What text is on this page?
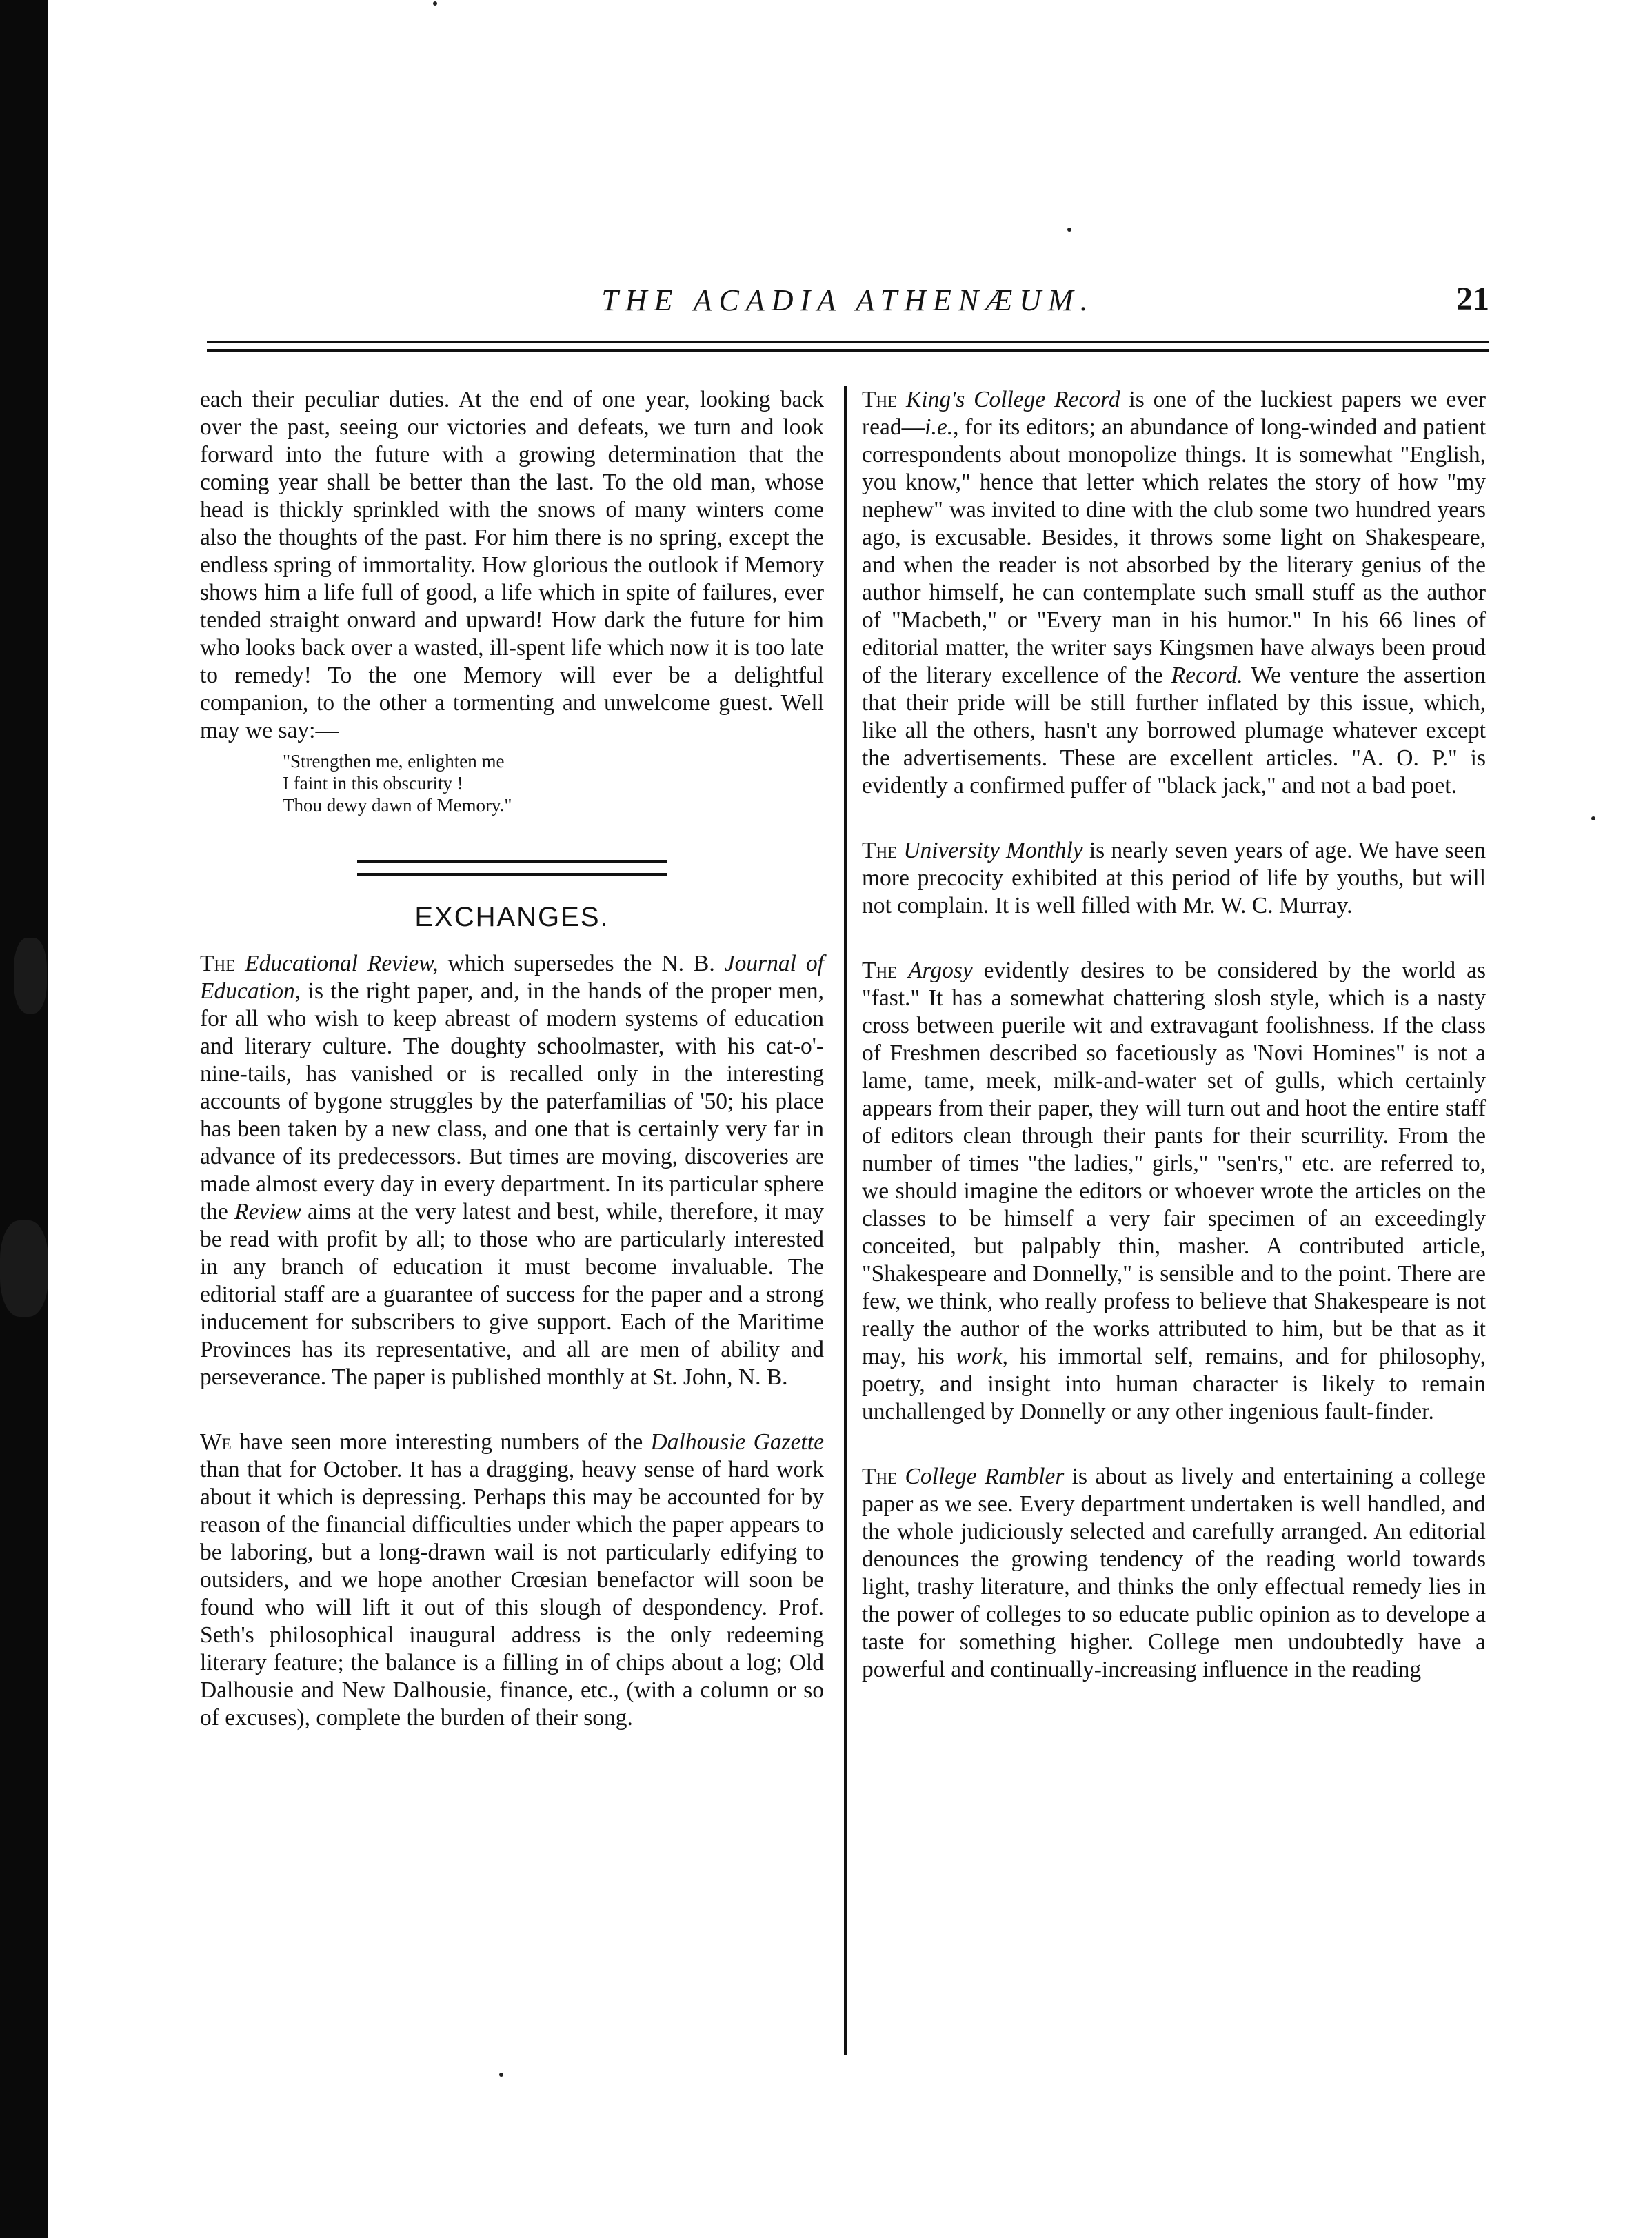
THE ACADIA ATHENÆUM.	21

each their peculiar duties. At the end of one year, looking back over the past, seeing our victories and defeats, we turn and look forward into the future with a growing determination that the coming year shall be better than the last. To the old man, whose head is thickly sprinkled with the snows of many winters come also the thoughts of the past. For him there is no spring, except the endless spring of immortality. How glorious the outlook if Memory shows him a life full of good, a life which in spite of failures, ever tended straight onward and upward! How dark the future for him who looks back over a wasted, ill-spent life which now it is too late to remedy! To the one Memory will ever be a delightful companion, to the other a tormenting and unwelcome guest. Well may we say:—

"Strengthen me, enlighten me
I faint in this obscurity !
Thou dewy dawn of Memory."
EXCHANGES.

The Educational Review, which supersedes the N. B. Journal of Education, is the right paper, and, in the hands of the proper men, for all who wish to keep abreast of modern systems of education and literary culture. The doughty schoolmaster, with his cat-o'-nine-tails, has vanished or is recalled only in the interesting accounts of bygone struggles by the paterfamilias of '50; his place has been taken by a new class, and one that is certainly very far in advance of its predecessors. But times are moving, discoveries are made almost every day in every department. In its particular sphere the Review aims at the very latest and best, while, therefore, it may be read with profit by all; to those who are particularly interested in any branch of education it must become invaluable. The editorial staff are a guarantee of success for the paper and a strong inducement for subscribers to give support. Each of the Maritime Provinces has its representative, and all are men of ability and perseverance. The paper is published monthly at St. John, N. B.

We have seen more interesting numbers of the Dalhousie Gazette than that for October. It has a dragging, heavy sense of hard work about it which is depressing. Perhaps this may be accounted for by reason of the financial difficulties under which the paper appears to be laboring, but a long-drawn wail is not particularly edifying to outsiders, and we hope another Crœsian benefactor will soon be found who will lift it out of this slough of despondency. Prof. Seth's philosophical inaugural address is the only redeeming literary feature; the balance is a filling in of chips about a log; Old Dalhousie and New Dalhousie, finance, etc., (with a column or so of excuses), complete the burden of their song.

The King's College Record is one of the luckiest papers we ever read—i.e., for its editors; an abundance of long-winded and patient correspondents about monopolize things. It is somewhat "English, you know," hence that letter which relates the story of how "my nephew" was invited to dine with the club some two hundred years ago, is excusable. Besides, it throws some light on Shakespeare, and when the reader is not absorbed by the literary genius of the author himself, he can contemplate such small stuff as the author of "Macbeth," or "Every man in his humor." In his 66 lines of editorial matter, the writer says Kingsmen have always been proud of the literary excellence of the Record. We venture the assertion that their pride will be still further inflated by this issue, which, like all the others, hasn't any borrowed plumage whatever except the advertisements. These are excellent articles. "A. O. P." is evidently a confirmed puffer of "black jack," and not a bad poet.

The University Monthly is nearly seven years of age. We have seen more precocity exhibited at this period of life by youths, but will not complain. It is well filled with Mr. W. C. Murray.

The Argosy evidently desires to be considered by the world as "fast." It has a somewhat chattering slosh style, which is a nasty cross between puerile wit and extravagant foolishness. If the class of Freshmen described so facetiously as 'Novi Homines" is not a lame, tame, meek, milk-and-water set of gulls, which certainly appears from their paper, they will turn out and hoot the entire staff of editors clean through their pants for their scurrility. From the number of times "the ladies," girls," "sen'rs," etc. are referred to, we should imagine the editors or whoever wrote the articles on the classes to be himself a very fair specimen of an exceedingly conceited, but palpably thin, masher. A contributed article, "Shakespeare and Donnelly," is sensible and to the point. There are few, we think, who really profess to believe that Shakespeare is not really the author of the works attributed to him, but be that as it may, his work, his immortal self, remains, and for philosophy, poetry, and insight into human character is likely to remain unchallenged by Donnelly or any other ingenious fault-finder.

The College Rambler is about as lively and entertaining a college paper as we see. Every department undertaken is well handled, and the whole judiciously selected and carefully arranged. An editorial denounces the growing tendency of the reading world towards light, trashy literature, and thinks the only effectual remedy lies in the power of colleges to so educate public opinion as to develope a taste for something higher. College men undoubtedly have a powerful and continually-increasing influence in the reading
